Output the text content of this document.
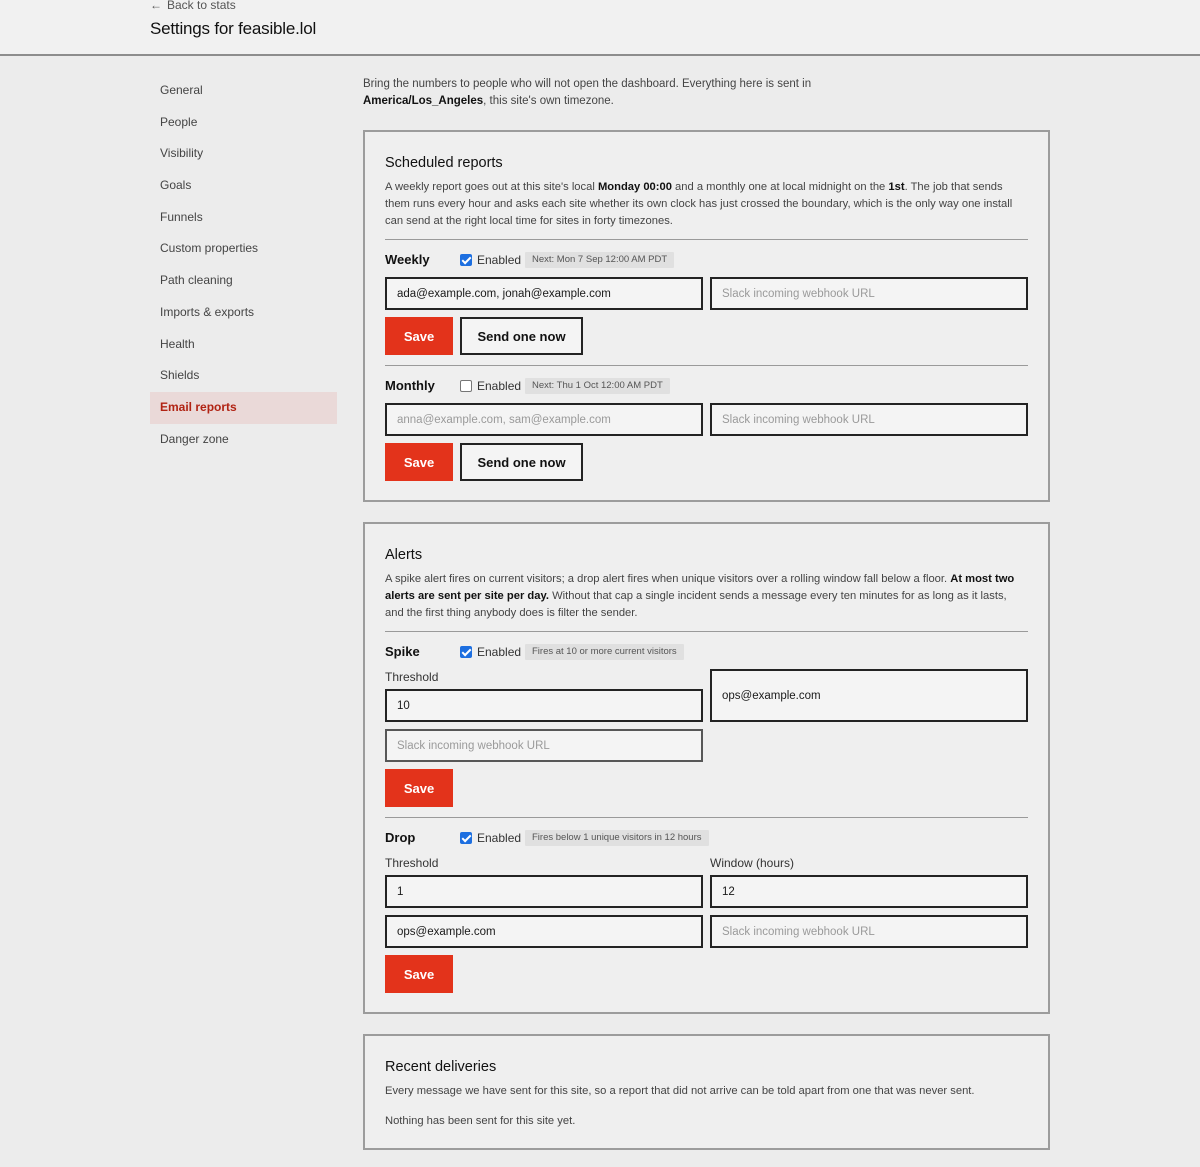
← Back to stats
Settings for feasible.lol
General
People
Visibility
Goals
Funnels
Custom properties
Path cleaning
Imports & exports
Health
Shields
Email reports
Danger zone

Bring the numbers to people who will not open the dashboard. Everything here is sent in America/Los_Angeles, this site's own timezone.

Scheduled reports

A weekly report goes out at this site's local Monday 00:00 and a monthly one at local midnight on the 1st. The job that sends them runs every hour and asks each site whether its own clock has just crossed the boundary, which is the only way one install can send at the right local time for sites in forty timezones.

Weekly	Enabled	Next: Mon 7 Sep 12:00 AM PDT
ada@example.com, jonah@example.com	Slack incoming webhook URL
Save	Send one now
Monthly	Enabled	Next: Thu 1 Oct 12:00 AM PDT
anna@example.com, sam@example.com	Slack incoming webhook URL
Save	Send one now
Alerts

A spike alert fires on current visitors; a drop alert fires when unique visitors over a rolling window fall below a floor. At most two alerts are sent per site per day. Without that cap a single incident sends a message every ten minutes for as long as it lasts, and the first thing anybody does is filter the sender.

Spike	Enabled	Fires at 10 or more current visitors
Threshold
10
ops@example.com
Slack incoming webhook URL
Save
Drop	Enabled	Fires below 1 unique visitors in 12 hours
Threshold	Window (hours)
1	12
ops@example.com	Slack incoming webhook URL
Save
Recent deliveries

Every message we have sent for this site, so a report that did not arrive can be told apart from one that was never sent.

Nothing has been sent for this site yet.
